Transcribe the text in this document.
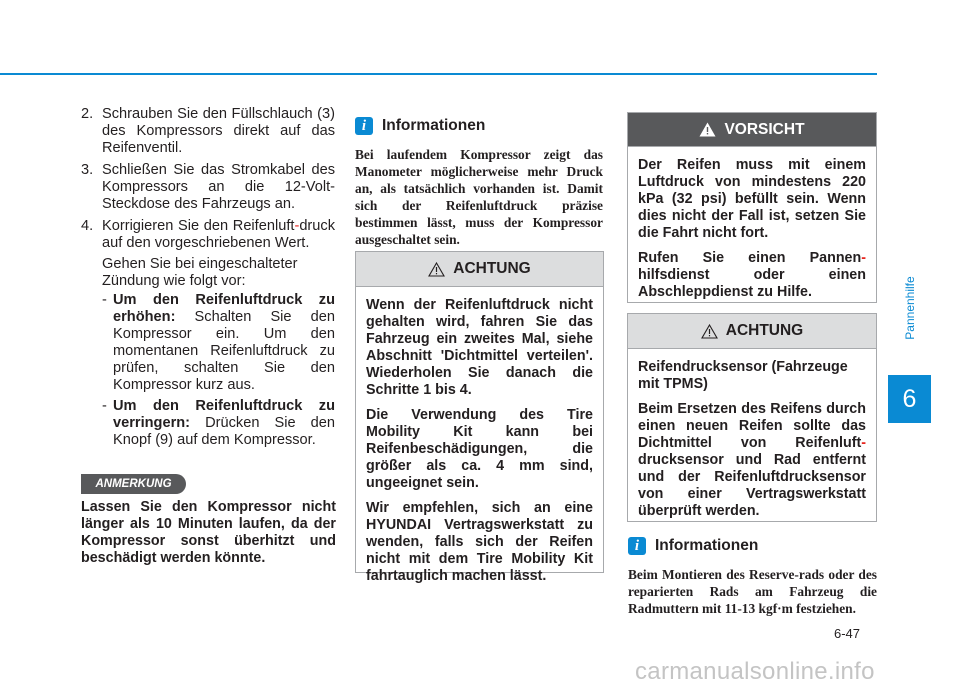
Pannenhilfe
6
2. Schrauben Sie den Füllschlauch (3) des Kompressors direkt auf das Reifenventil.
3. Schließen Sie das Stromkabel des Kompressors an die 12-Volt-Steckdose des Fahrzeugs an.
4. Korrigieren Sie den Reifenluft-druck auf den vorgeschriebenen Wert.
Gehen Sie bei eingeschalteter Zündung wie folgt vor:
- Um den Reifenluftdruck zu erhöhen: Schalten Sie den Kompressor ein. Um den momentanen Reifenluftdruck zu prüfen, schalten Sie den Kompressor kurz aus.
- Um den Reifenluftdruck zu verringern: Drücken Sie den Knopf (9) auf dem Kompressor.
ANMERKUNG
Lassen Sie den Kompressor nicht länger als 10 Minuten laufen, da der Kompressor sonst überhitzt und beschädigt werden könnte.
i	Informationen
Bei laufendem Kompressor zeigt das Manometer möglicherweise mehr Druck an, als tatsächlich vorhanden ist. Damit sich der Reifenluftdruck präzise bestimmen lässt, muss der Kompressor ausgeschaltet sein.
ACHTUNG

Wenn der Reifenluftdruck nicht gehalten wird, fahren Sie das Fahrzeug ein zweites Mal, siehe Abschnitt 'Dichtmittel verteilen'. Wiederholen Sie danach die Schritte 1 bis 4.

Die Verwendung des Tire Mobility Kit kann bei Reifenbeschädigungen, die größer als ca. 4 mm sind, ungeeignet sein.

Wir empfehlen, sich an eine HYUNDAI Vertragswerkstatt zu wenden, falls sich der Reifen nicht mit dem Tire Mobility Kit fahrtauglich machen lässt.

VORSICHT

Der Reifen muss mit einem Luftdruck von mindestens 220 kPa (32 psi) befüllt sein. Wenn dies nicht der Fall ist, setzen Sie die Fahrt nicht fort.

Rufen Sie einen Pannen-hilfsdienst oder einen Abschleppdienst zu Hilfe.

ACHTUNG

Reifendrucksensor (Fahrzeuge mit TPMS)

Beim Ersetzen des Reifens durch einen neuen Reifen sollte das Dichtmittel von Reifenluft-drucksensor und Rad entfernt und der Reifenluftdrucksensor von einer Vertragswerkstatt überprüft werden.

i	Informationen
Beim Montieren des Reserve-rads oder des reparierten Rads am Fahrzeug die Radmuttern mit 11-13 kgf·m festziehen.
6-47
carmanualsonline.info
